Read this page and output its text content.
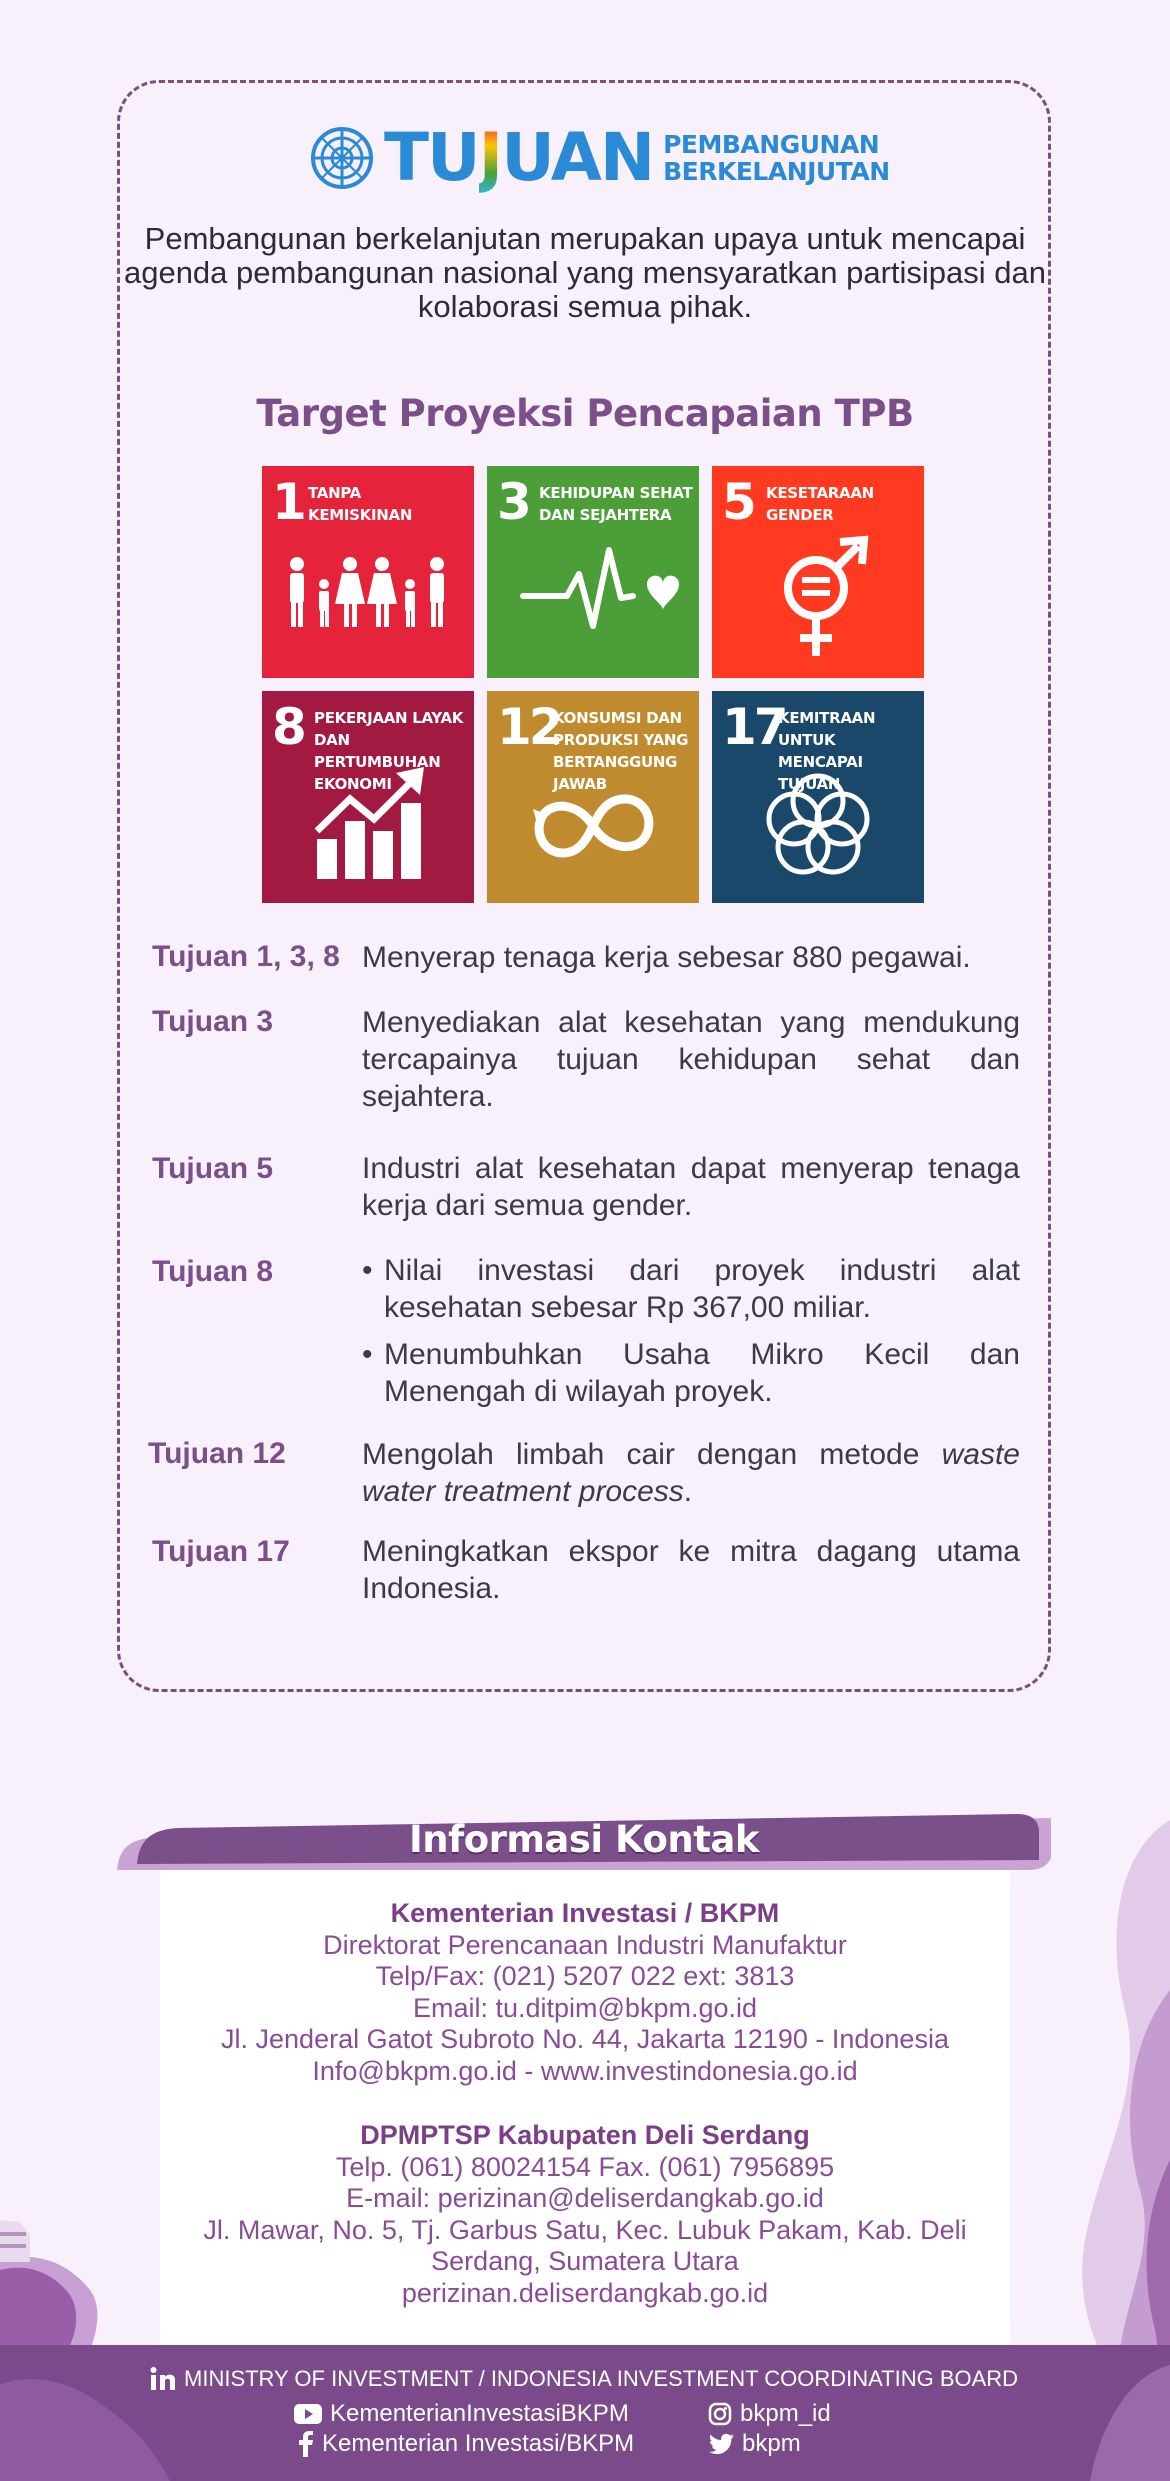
TUJUAN PEMBANGUNAN
BERKELANJUTAN
Pembangunan berkelanjutan merupakan upaya untuk mencapai agenda pembangunan nasional yang mensyaratkan partisipasi dan kolaborasi semua pihak.
Target Proyeksi Pencapaian TPB
1 TANPA
KEMISKINAN 3 KEHIDUPAN SEHAT
DAN SEJAHTERA	5 KESETARAAN
GENDER
8 PEKERJAAN LAYAK
DAN PERTUMBUHAN
EKONOMI
12
KONSUMSI DAN
PRODUKSI YANG
BERTANGGUNG JAWAB
17
KEMITRAAN UNTUK
MENCAPAI TUJUAN
Tujuan 1, 3, 8 Menyerap tenaga kerja sebesar 880 pegawai.
Tujuan 3	Menyediakan alat kesehatan yang mendukung tercapainya tujuan kehidupan sehat dan sejahtera.
Tujuan 5	Industri alat kesehatan dapat menyerap tenaga kerja dari semua gender.
Tujuan 8	• Nilai investasi dari proyek industri alat kesehatan sebesar Rp 367,00 miliar.
• Menumbuhkan Usaha Mikro Kecil dan Menengah di wilayah proyek.
Tujuan 12	Mengolah limbah cair dengan metode waste water treatment process.
Tujuan 17 Meningkatkan ekspor ke mitra dagang utama Indonesia.
Informasi Kontak
Kementerian Investasi / BKPM
Direktorat Perencanaan Industri Manufaktur
Telp/Fax: (021) 5207 022 ext: 3813
Email: tu.ditpim@bkpm.go.id
Jl. Jenderal Gatot Subroto No. 44, Jakarta 12190 - Indonesia
Info@bkpm.go.id - www.investindonesia.go.id
DPMPTSP Kabupaten Deli Serdang
Telp. (061) 80024154 Fax. (061) 7956895
E-mail: perizinan@deliserdangkab.go.id
Jl. Mawar, No. 5, Tj. Garbus Satu, Kec. Lubuk Pakam, Kab. Deli
Serdang, Sumatera Utara
perizinan.deliserdangkab.go.id
MINISTRY OF INVESTMENT / INDONESIA INVESTMENT COORDINATING BOARD
KementerianInvestasiBKPM	bkpm_id
Kementerian Investasi/BKPM	bkpm
